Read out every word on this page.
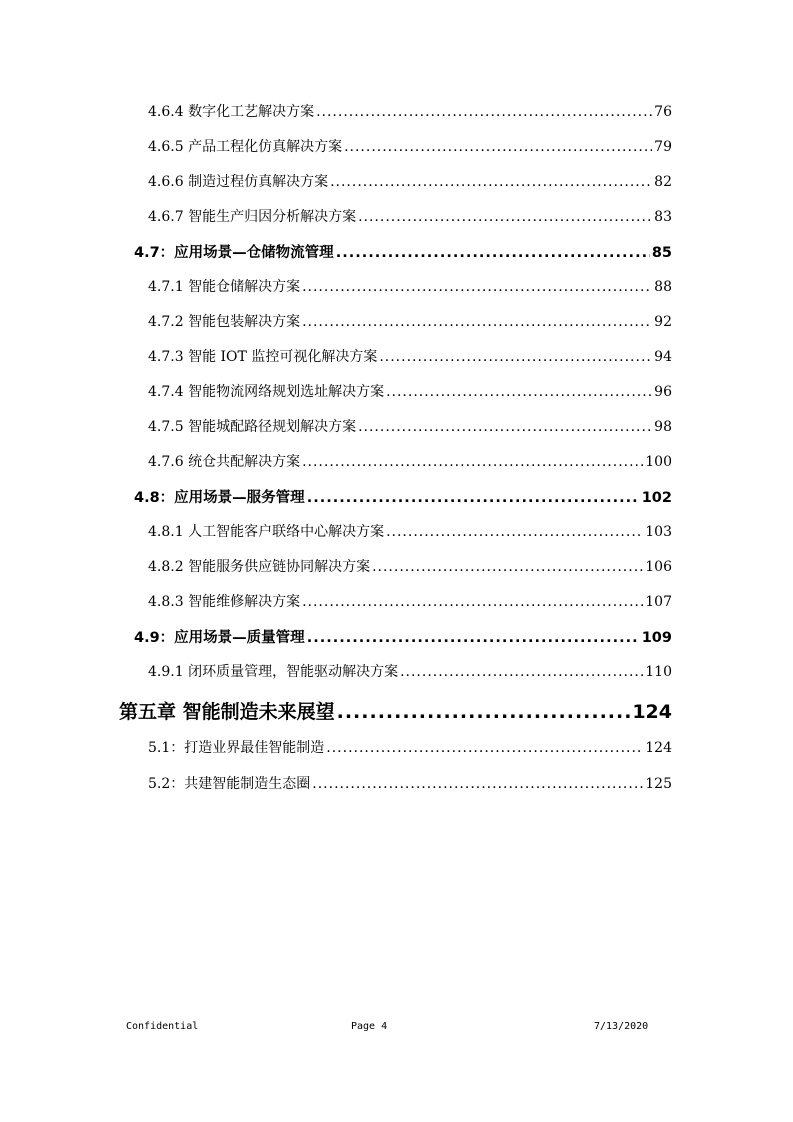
4.6.4 数字化工艺解决方案 .....	76
4.6.5 产品工程化仿真解决方案 .....	79
4.6.6 制造过程仿真解决方案 .....	82
4.6.7 智能生产归因分析解决方案 .....	83
4.7：应用场景—仓储物流管理 .....	85
4.7.1 智能仓储解决方案 .....	88
4.7.2 智能包装解决方案 .....	92
4.7.3 智能 IOT 监控可视化解决方案 .....	94
4.7.4 智能物流网络规划选址解决方案 .....	96
4.7.5 智能城配路径规划解决方案 .....	98
4.7.6 统仓共配解决方案 .....	100
4.8：应用场景—服务管理 .....	102
4.8.1 人工智能客户联络中心解决方案 .....	103
4.8.2 智能服务供应链协同解决方案 .....	106
4.8.3 智能维修解决方案 .....	107
4.9：应用场景—质量管理 .....	109
4.9.1 闭环质量管理，智能驱动解决方案 .....	110
第五章 智能制造未来展望 .....	124
5.1：打造业界最佳智能制造 .....	124
5.2：共建智能制造生态圈 .....	125
Confidential	Page 4	7/13/2020
